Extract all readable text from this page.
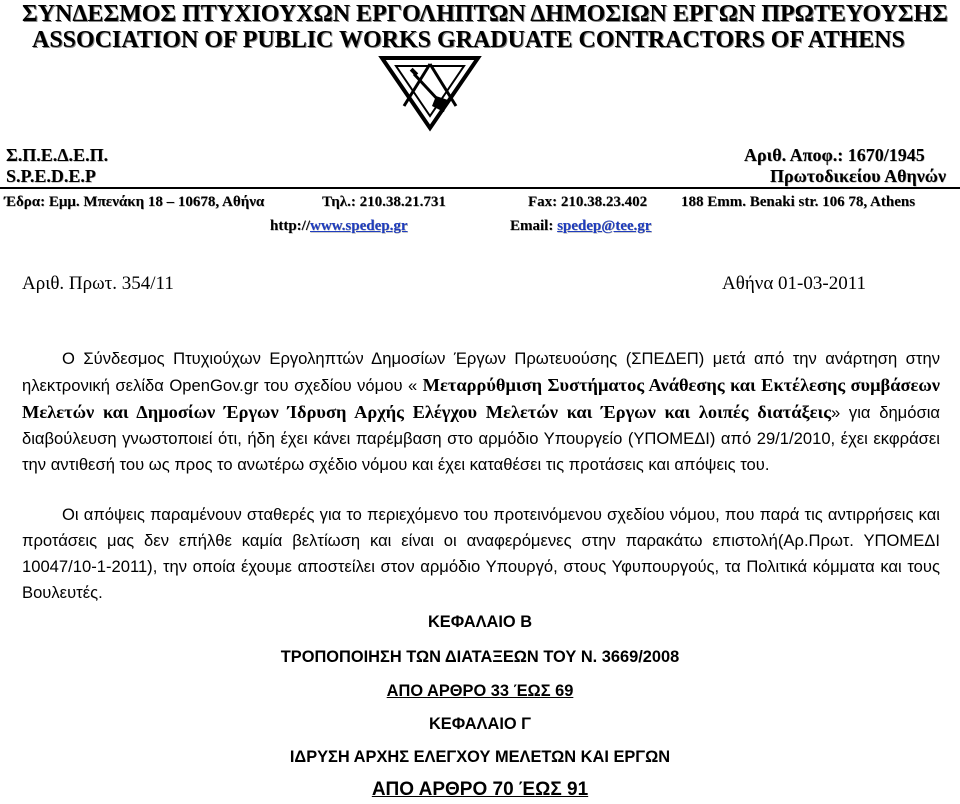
ΣΥΝΔΕΣΜΟΣ ΠΤΥΧΙΟΥΧΩΝ ΕΡΓΟΛΗΠΤΩΝ ΔΗΜΟΣΙΩΝ ΕΡΓΩΝ ΠΡΩΤΕΥΟΥΣΗΣ
ASSOCIATION OF PUBLIC WORKS GRADUATE CONTRACTORS OF ATHENS
Σ.Π.Ε.Δ.Ε.Π.
S.P.E.D.E.P
Αριθ. Αποφ.: 1670/1945
Πρωτοδικείου Αθηνών
Έδρα: Εμμ. Μπενάκη 18 – 10678, Αθήνα	Τηλ.: 210.38.21.731	Fax: 210.38.23.402 188 Emm. Benaki str. 106 78, Athens
http://www.spedep.gr	Email: spedep@tee.gr
Αριθ. Πρωτ. 354/11	Αθήνα 01-03-2011
Ο Σύνδεσμος Πτυχιούχων Εργοληπτών Δημοσίων Έργων Πρωτευούσης (ΣΠΕΔΕΠ) μετά από την ανάρτηση στην ηλεκτρονική σελίδα OpenGov.gr του σχεδίου νόμου « Μεταρρύθμιση Συστήματος Ανάθεσης και Εκτέλεσης συμβάσεων Μελετών και Δημοσίων Έργων Ίδρυση Αρχής Ελέγχου Μελετών και Έργων και λοιπές διατάξεις» για δημόσια διαβούλευση γνωστοποιεί ότι, ήδη έχει κάνει παρέμβαση στο αρμόδιο Υπουργείο (ΥΠΟΜΕΔΙ) από 29/1/2010, έχει εκφράσει την αντιθεσή του ως προς το ανωτέρω σχέδιο νόμου και έχει καταθέσει τις προτάσεις και απόψεις του.
Οι απόψεις παραμένουν σταθερές για το περιεχόμενο του προτεινόμενου σχεδίου νόμου, που παρά τις αντιρρήσεις και προτάσεις μας δεν επήλθε καμία βελτίωση και είναι οι αναφερόμενες στην παρακάτω επιστολή(Αρ.Πρωτ. ΥΠΟΜΕΔΙ 10047/10-1-2011), την οποία έχουμε αποστείλει στον αρμόδιο Υπουργό, στους Υφυπουργούς, τα Πολιτικά κόμματα και τους Βουλευτές.
ΚΕΦΑΛΑΙΟ Β
ΤΡΟΠΟΠΟΙΗΣΗ ΤΩΝ ΔΙΑΤΑΞΕΩΝ ΤΟΥ Ν. 3669/2008
ΑΠΟ ΑΡΘΡΟ 33 ΈΩΣ 69
ΚΕΦΑΛΑΙΟ Γ
ΙΔΡΥΣΗ ΑΡΧΗΣ ΕΛΕΓΧΟΥ ΜΕΛΕΤΩΝ ΚΑΙ ΕΡΓΩΝ
ΑΠΟ ΑΡΘΡΟ 70 ΈΩΣ 91
